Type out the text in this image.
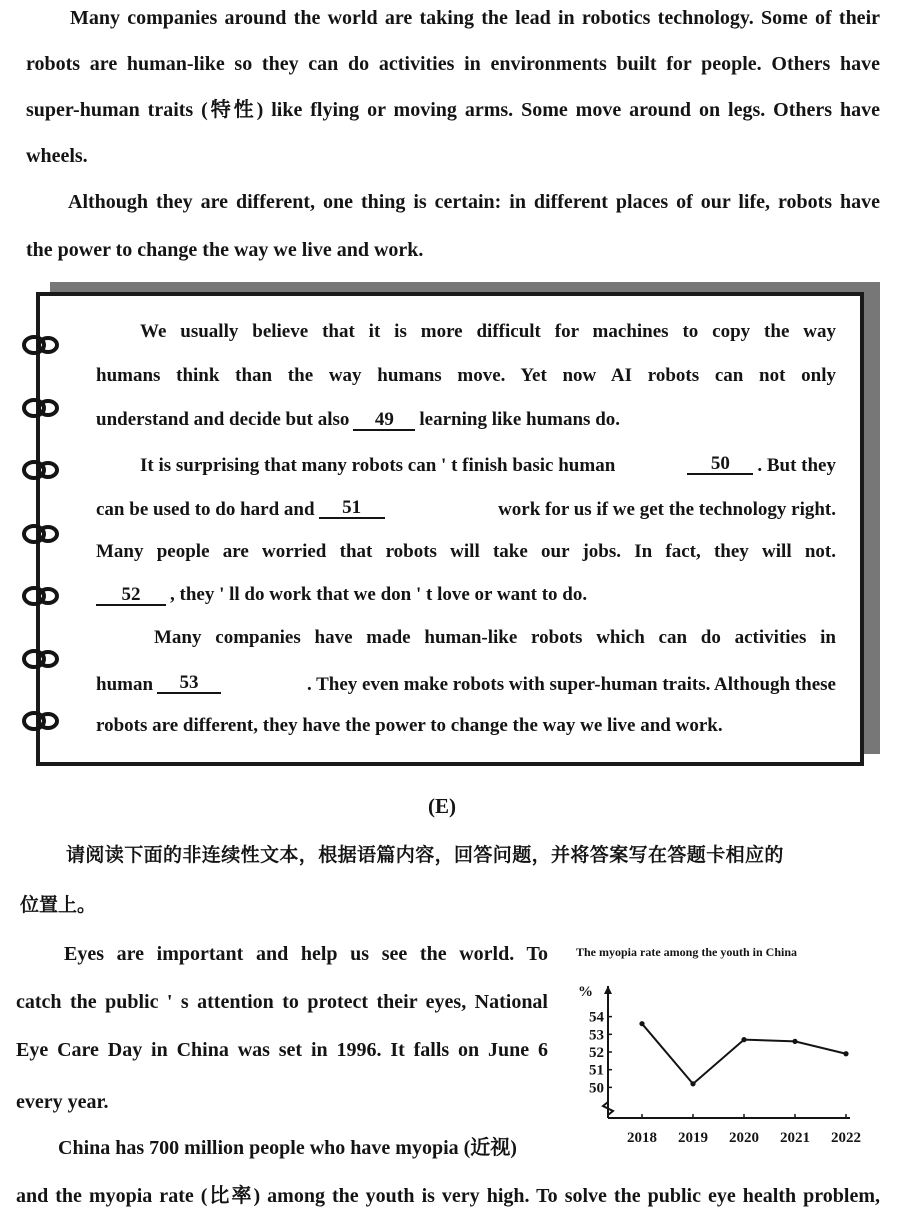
Many companies around the world are taking the lead in robotics technology. Some of their
robots are human-like so they can do activities in environments built for people. Others have
super-human traits (特性) like flying or moving arms. Some move around on legs. Others have
wheels.
Although they are different, one thing is certain: in different places of our life, robots have
the power to change the way we live and work.
We usually believe that it is more difficult for machines to copy the way
humans think than the way humans move. Yet now AI robots can not only
understand and decide but also 49 learning like humans do.
It is surprising that many robots can ' t finish basic human	50	. But they
can be used to do hard and	51	work for us if we get the technology right.
Many people are worried that robots will take our jobs. In fact, they will not.
52 , they ' ll do work that we don ' t love or want to do.
Many companies have made human-like robots which can do activities in
human	53	. They even make robots with super-human traits. Although these
robots are different, they have the power to change the way we live and work.
(E)
请阅读下面的非连续性文本，根据语篇内容，回答问题，并将答案写在答题卡相应的
位置上。
Eyes are important and help us see the world. To
catch the public ' s attention to protect their eyes, National
Eye Care Day in China was set in 1996. It falls on June 6
every year.
China has 700 million people who have myopia (近视)
and the myopia rate (比率) among the youth is very high. To solve the public eye health problem,
The myopia rate among the youth in China
%
50
51
52
53
54
2018 2019 2020 2021 2022
